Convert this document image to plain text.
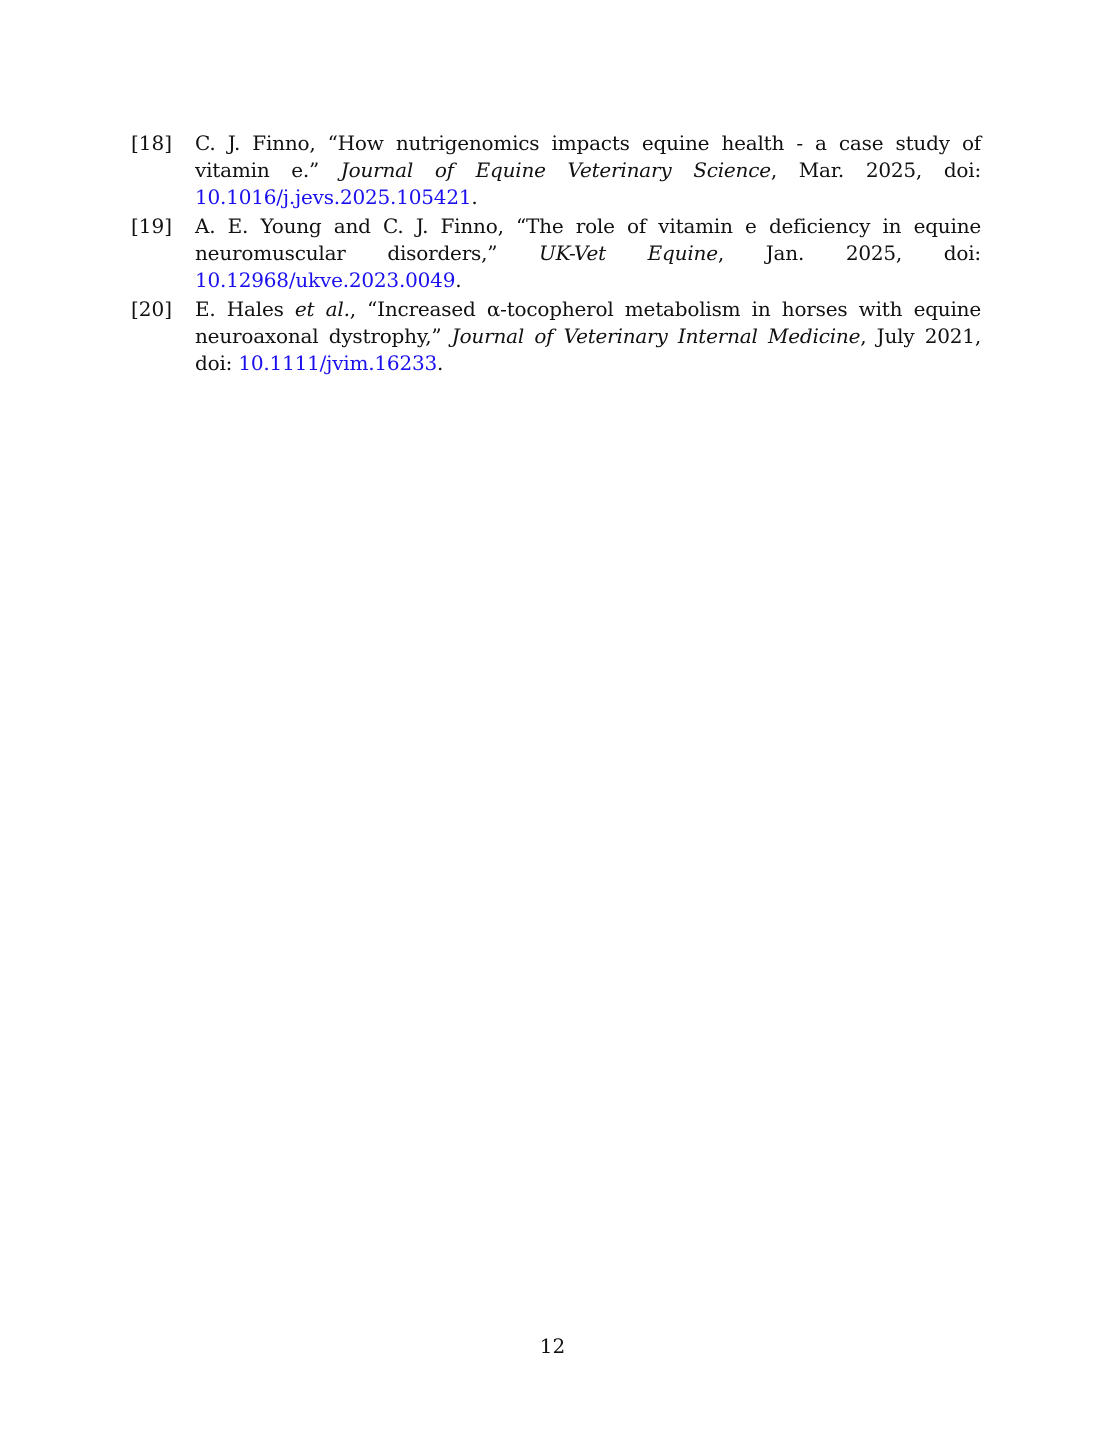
[18]	C. J. Finno, “How nutrigenomics impacts equine health - a case study of vitamin e.” Journal of Equine Veterinary Science, Mar. 2025, doi: 10.1016/j.jevs.2025.105421.
[19]	A. E. Young and C. J. Finno, “The role of vitamin e deficiency in equine neuromuscular disorders,” UK-Vet Equine, Jan. 2025, doi: 10.12968/ukve.2023.0049.
[20]	E. Hales et al., “Increased α-tocopherol metabolism in horses with equine neuroaxonal dystrophy,” Journal of Veterinary Internal Medicine, July 2021, doi: 10.1111/jvim.16233.
12
